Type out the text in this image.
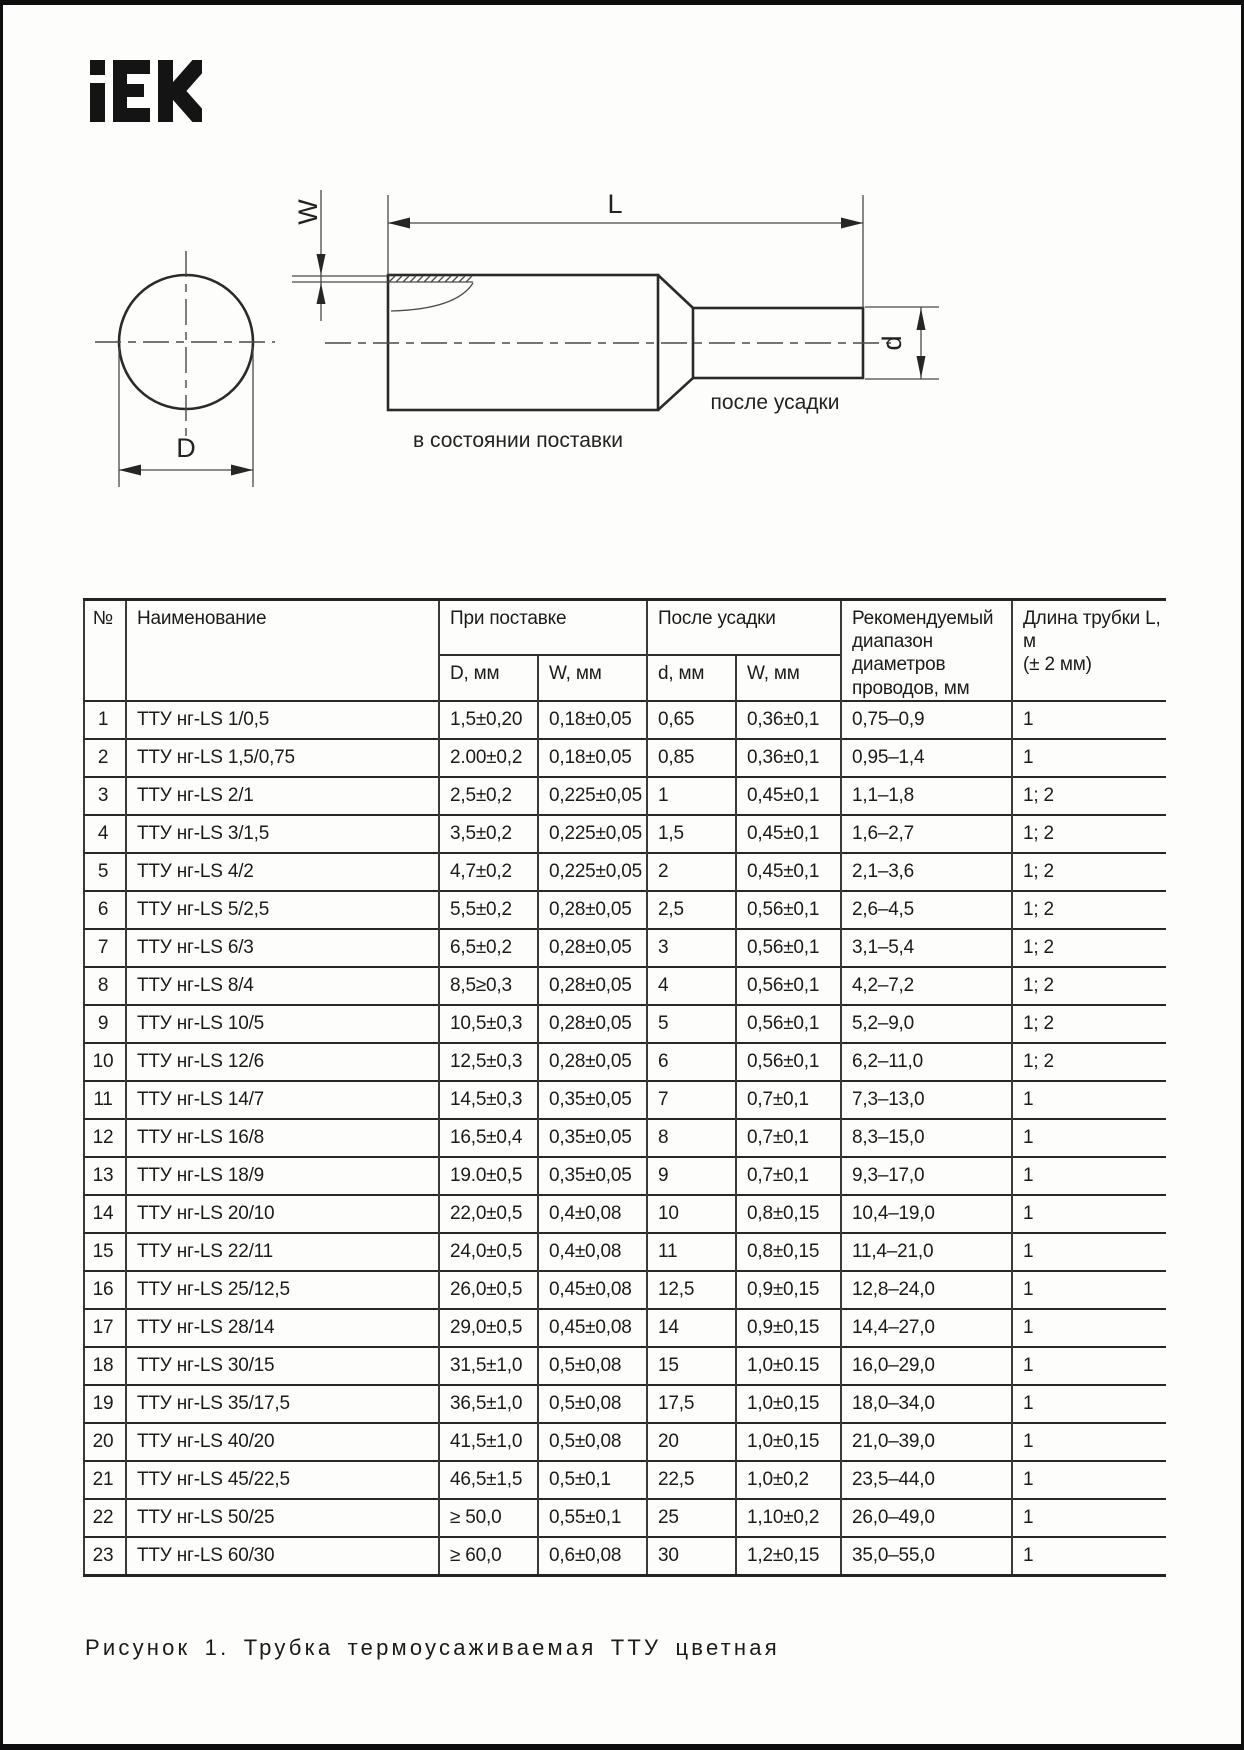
D
W	L
d
в состоянии поставки
после усадки
№	Наименование	При поставке		После усадки		Рекомендуемый диапазон диаметров проводов, мм	Длина трубки L, м
(± 2 мм)
		D, мм	W, мм	d, мм	W, мм		
1	ТТУ нг-LS 1/0,5	1,5±0,20	0,18±0,05	0,65	0,36±0,1	0,75–0,9	1
2	ТТУ нг-LS 1,5/0,75	2.00±0,2	0,18±0,05	0,85	0,36±0,1	0,95–1,4	1
3	ТТУ нг-LS 2/1	2,5±0,2	0,225±0,05	1	0,45±0,1	1,1–1,8	1; 2
4	ТТУ нг-LS 3/1,5	3,5±0,2	0,225±0,05	1,5	0,45±0,1	1,6–2,7	1; 2
5	ТТУ нг-LS 4/2	4,7±0,2	0,225±0,05	2	0,45±0,1	2,1–3,6	1; 2
6	ТТУ нг-LS 5/2,5	5,5±0,2	0,28±0,05	2,5	0,56±0,1	2,6–4,5	1; 2
7	ТТУ нг-LS 6/3	6,5±0,2	0,28±0,05	3	0,56±0,1	3,1–5,4	1; 2
8	ТТУ нг-LS 8/4	8,5≥0,3	0,28±0,05	4	0,56±0,1	4,2–7,2	1; 2
9	ТТУ нг-LS 10/5	10,5±0,3	0,28±0,05	5	0,56±0,1	5,2–9,0	1; 2
10	ТТУ нг-LS 12/6	12,5±0,3	0,28±0,05	6	0,56±0,1	6,2–11,0	1; 2
11	ТТУ нг-LS 14/7	14,5±0,3	0,35±0,05	7	0,7±0,1	7,3–13,0	1
12	ТТУ нг-LS 16/8	16,5±0,4	0,35±0,05	8	0,7±0,1	8,3–15,0	1
13	ТТУ нг-LS 18/9	19.0±0,5	0,35±0,05	9	0,7±0,1	9,3–17,0	1
14	ТТУ нг-LS 20/10	22,0±0,5	0,4±0,08	10	0,8±0,15	10,4–19,0	1
15	ТТУ нг-LS 22/11	24,0±0,5	0,4±0,08	11	0,8±0,15	11,4–21,0	1
16	ТТУ нг-LS 25/12,5	26,0±0,5	0,45±0,08	12,5	0,9±0,15	12,8–24,0	1
17	ТТУ нг-LS 28/14	29,0±0,5	0,45±0,08	14	0,9±0,15	14,4–27,0	1
18	ТТУ нг-LS 30/15	31,5±1,0	0,5±0,08	15	1,0±0.15	16,0–29,0	1
19	ТТУ нг-LS 35/17,5	36,5±1,0	0,5±0,08	17,5	1,0±0,15	18,0–34,0	1
20	ТТУ нг-LS 40/20	41,5±1,0	0,5±0,08	20	1,0±0,15	21,0–39,0	1
21	ТТУ нг-LS 45/22,5	46,5±1,5	0,5±0,1	22,5	1,0±0,2	23,5–44,0	1
22	ТТУ нг-LS 50/25	≥ 50,0	0,55±0,1	25	1,10±0,2	26,0–49,0	1
23	ТТУ нг-LS 60/30	≥ 60,0	0,6±0,08	30	1,2±0,15	35,0–55,0	1
Рисунок 1. Трубка термоусаживаемая ТТУ цветная
